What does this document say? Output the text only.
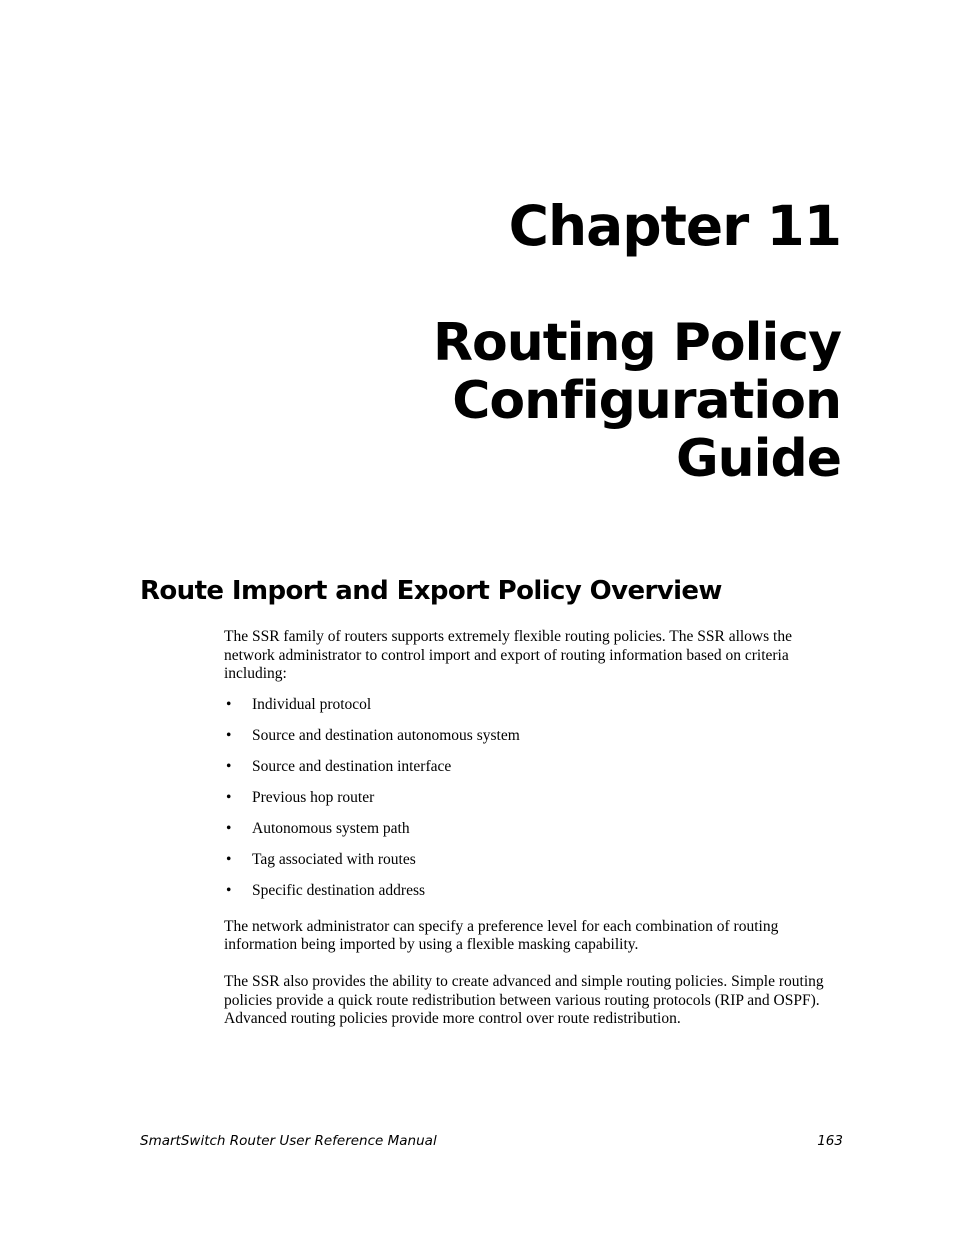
Chapter 11
Routing Policy
Configuration
Guide
Route Import and Export Policy Overview

The SSR family of routers supports extremely flexible routing policies. The SSR allows the network administrator to control import and export of routing information based on criteria including:

• Individual protocol
• Source and destination autonomous system
• Source and destination interface
• Previous hop router
• Autonomous system path
• Tag associated with routes
• Specific destination address

The network administrator can specify a preference level for each combination of routing information being imported by using a flexible masking capability.

The SSR also provides the ability to create advanced and simple routing policies. Simple routing policies provide a quick route redistribution between various routing protocols (RIP and OSPF). Advanced routing policies provide more control over route redistribution.

SmartSwitch Router User Reference Manual	163
